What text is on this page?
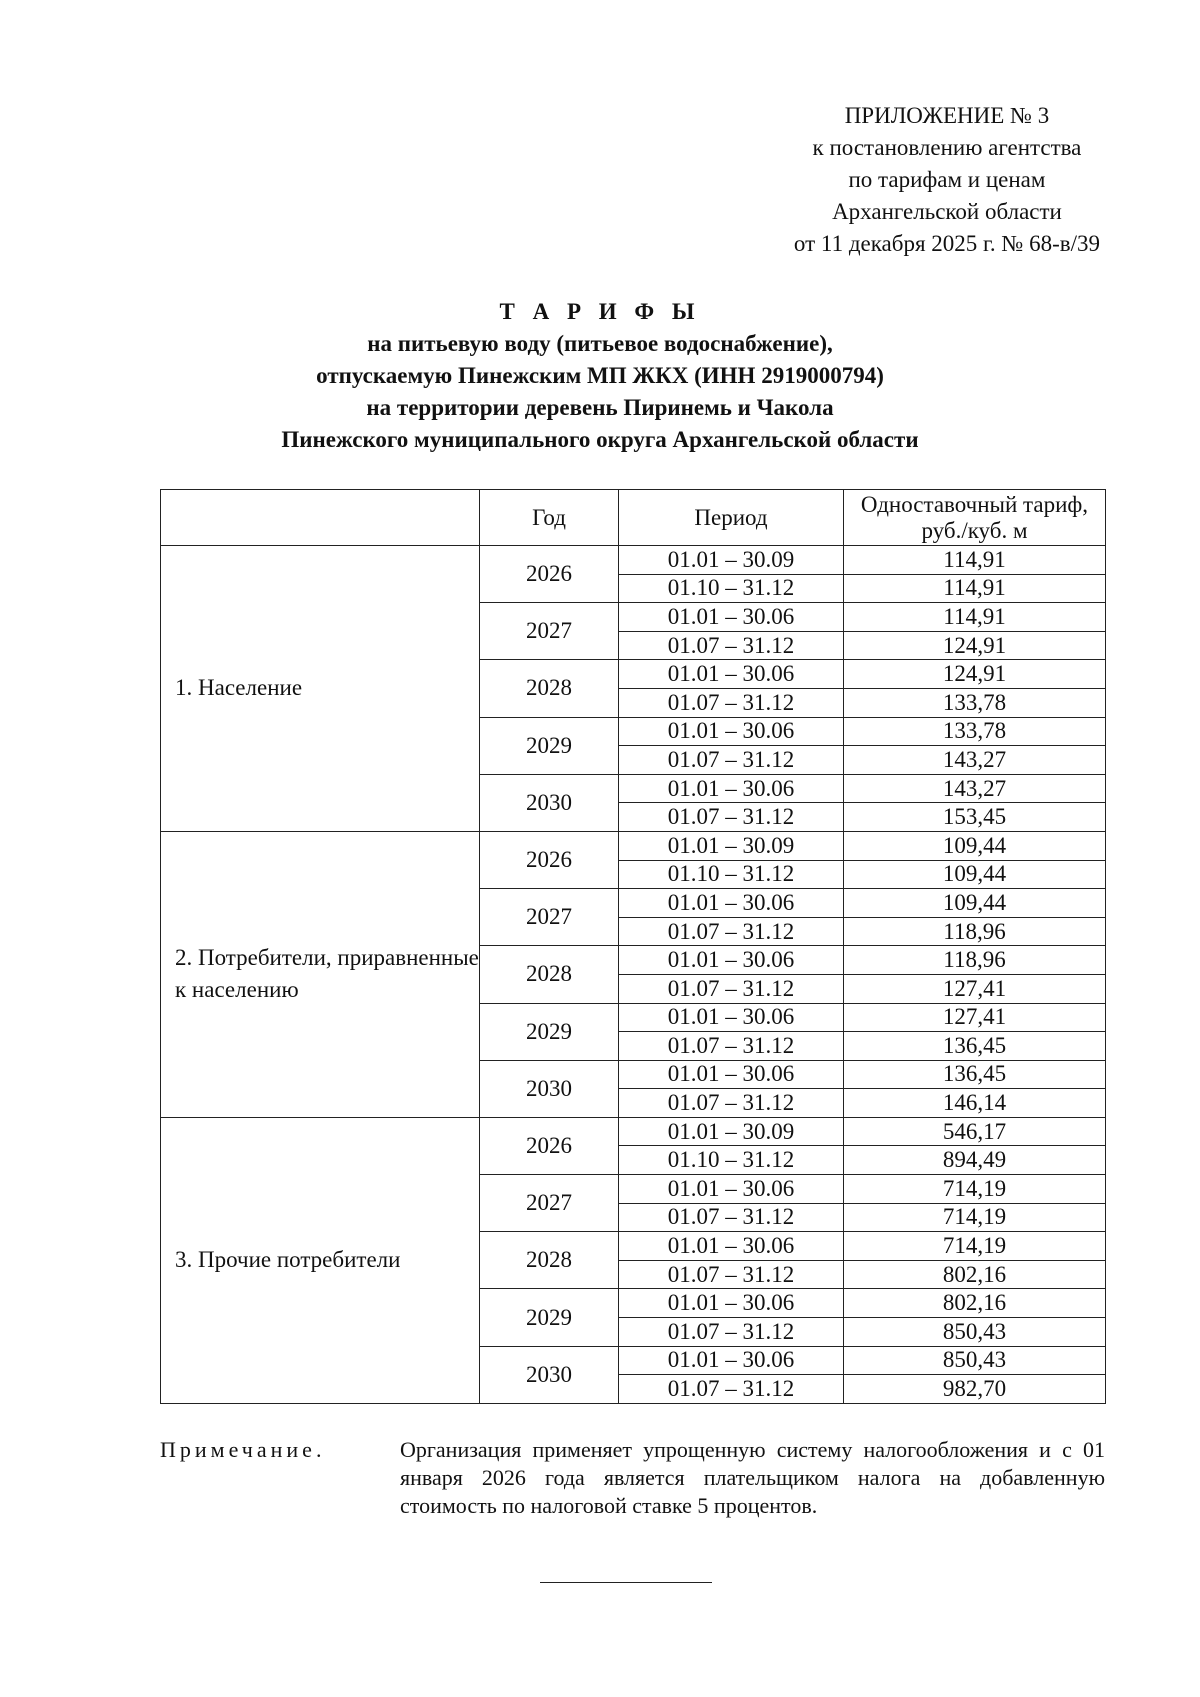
ПРИЛОЖЕНИЕ № 3
к постановлению агентства
по тарифам и ценам
Архангельской области
от 11 декабря 2025 г. № 68-в/39
Т А Р И Ф Ы
на питьевую воду (питьевое водоснабжение),
отпускаемую Пинежским МП ЖКХ (ИНН 2919000794)
на территории деревень Пиринемь и Чакола
Пинежского муниципального округа Архангельской области
	Год	Период	Одноставочный тариф, руб./куб. м
1. Население	2026	01.01 – 30.09	114,91
		01.10 – 31.12	114,91
	2027	01.01 – 30.06	114,91
		01.07 – 31.12	124,91
	2028	01.01 – 30.06	124,91
		01.07 – 31.12	133,78
	2029	01.01 – 30.06	133,78
		01.07 – 31.12	143,27
	2030	01.01 – 30.06	143,27
		01.07 – 31.12	153,45
2. Потребители, приравненные к населению	2026	01.01 – 30.09	109,44
		01.10 – 31.12	109,44
	2027	01.01 – 30.06	109,44
		01.07 – 31.12	118,96
	2028	01.01 – 30.06	118,96
		01.07 – 31.12	127,41
	2029	01.01 – 30.06	127,41
		01.07 – 31.12	136,45
	2030	01.01 – 30.06	136,45
		01.07 – 31.12	146,14
3. Прочие потребители	2026	01.01 – 30.09	546,17
		01.10 – 31.12	894,49
	2027	01.01 – 30.06	714,19
		01.07 – 31.12	714,19
	2028	01.01 – 30.06	714,19
		01.07 – 31.12	802,16
	2029	01.01 – 30.06	802,16
		01.07 – 31.12	850,43
	2030	01.01 – 30.06	850,43
		01.07 – 31.12	982,70
Примечание.	Организация применяет упрощенную систему налогообложения и с 01 января 2026 года является плательщиком налога на добавленную стоимость по налоговой ставке 5 процентов.
